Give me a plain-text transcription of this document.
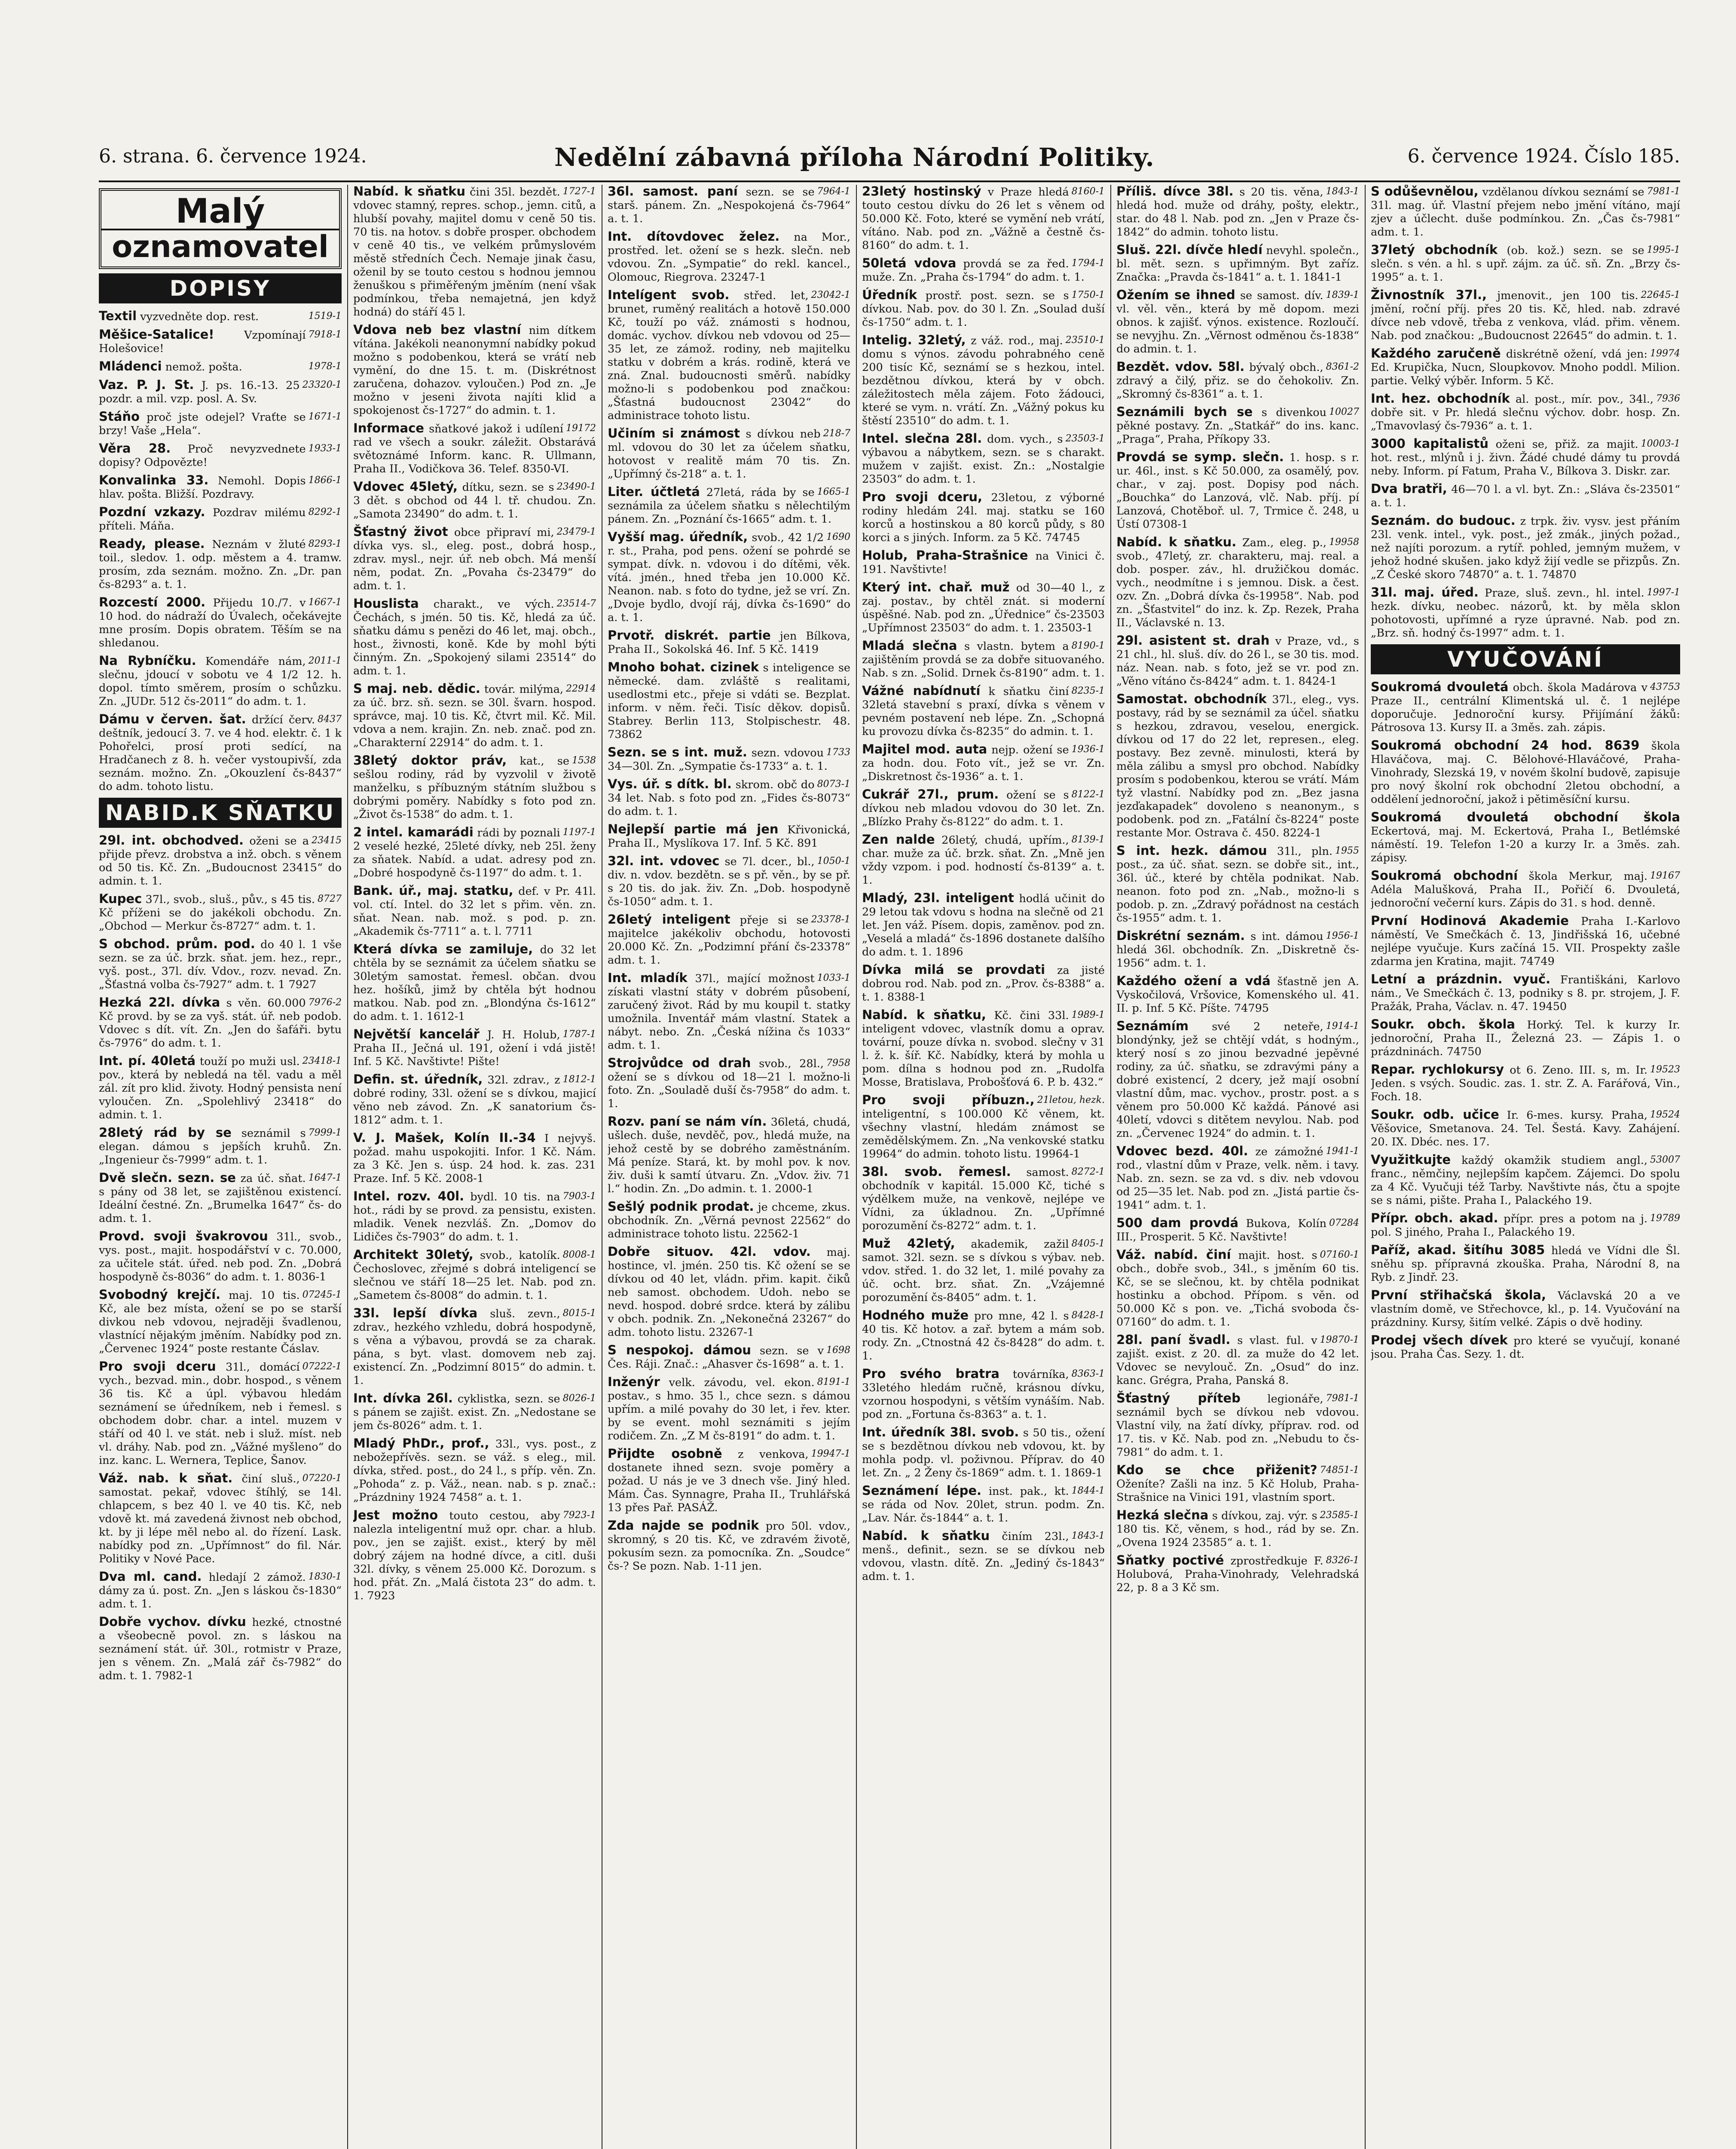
6. strana. 6. července 1924.	Nedělní zábavná příloha Národní Politiky.	6. července 1924. Číslo 185.
Malý
oznamovatel
DOPISY
1519-1
Textil vyzvedněte dop. rest.
7918-1
Měšice-Satalice!	Vzpomínají Holešovice!
1978-1
Mládenci nemož. pošta.
23320-1
Vaz. P. J. St. J. ps. 16.-13. 25 pozdr. a mil. vzp. posl. A. Sv.
1671-1
Stáňo proč jste odejel? Vraťte se brzy! Vaše „Hela“.
1933-1
Věra 28. Proč nevyzvednete dopisy? Odpovězte!
1866-1
Konvalinka 33. Nemohl. Dopis hlav. pošta. Bližší. Pozdravy.
8292-1
Pozdní vzkazy. Pozdrav milému příteli. Máňa.
8293-1
Ready, please. Neznám v žluté toil., sledov. 1. odp. městem a 4. tramw. prosím, zda seznám. možno. Zn. „Dr. pan čs-8293“ a. t. 1.
1667-1
Rozcestí 2000. Přijedu 10./7. v 10 hod. do nádraží do Úvalech, očekávejte mne prosím. Dopis obratem. Těším se na shledanou.
2011-1
Na Rybníčku. Komendáře nám, slečnu, jdoucí v sobotu ve 4 1/2 12. h. dopol. tímto směrem, prosím o schůzku. Zn. „JUDr. 512 čs-2011“ do adm. t. 1.
8437
Dámu v červen. šat. držící červ. deštník, jedoucí 3. 7. ve 4 hod. elektr. č. 1 k Pohořelci, prosí proti sedící, na Hradčanech z 8. h. večer vystoupivší, zda seznám. možno. Zn. „Okouzlení čs-8437“ do adm. tohoto listu.
NABID.K SŇATKU
23415
29l. int. obchodved. oženi se a přijde převz. drobstva a inž. obch. s věnem od 50 tis. Kč. Zn. „Budoucnost 23415“ do admin. t. 1.
8727
Kupec 37l., svob., sluš., pův., s 45 tis. Kč příženi se do jakékoli obchodu. Zn. „Obchod — Merkur čs-8727“ adm. t. 1.
S obchod. prům. pod. do 40 l. 1 vše sezn. se za úč. brzk. sňat. jem. hez., repr., vyš. post., 37l. dív. Vdov., rozv. nevad. Zn. „Šťastná volba čs-7927“ adm. t. 1 7927
7976-2
Hezká 22l. dívka s věn. 60.000 Kč provd. by se za vyš. stát. úř. neb podob. Vdovec s dít. vít. Zn. „Jen do šafáři. bytu čs-7976“ do adm. t. 1.
23418-1
Int. pí. 40letá touží po muži usl. pov., která by nebledá na těl. vadu a měl zál. zít pro klid. životy. Hodný pensista není vyloučen. Zn. „Spolehlivý 23418“ do admin. t. 1.
7999-1
28letý rád by se seznámil s elegan. dámou s jepších kruhů. Zn. „Ingenieur čs-7999“ adm. t. 1.
1647-1
Dvě slečn. sezn. se za úč. sňat. s pány od 38 let, se zajištěnou existencí. Ideální čestné. Zn. „Brumelka 1647“ čs- do adm. t. 1.
Provd. svoji švakrovou 31l., svob., vys. post., majit. hospodářství v c. 70.000, za učitele stát. úřed. neb pod. Zn. „Dobrá hospodyně čs-8036“ do adm. t. 1. 8036-1
07245-1
Svobodný krejčí. maj. 10 tis. Kč, ale bez místa, ožení se po se starší divkou neb vdovou, nejraději švadlenou, vlastnící nějakým jměním. Nabídky pod zn. „Červenec 1924“ poste restante Čáslav.
07222-1
Pro svoji dceru 31l., domácí vych., bezvad. min., dobr. hospod., s věnem 36 tis. Kč a úpl. výbavou hledám seznámení se úředníkem, neb i řemesl. s obchodem dobr. char. a intel. muzem v stáří od 40 l. ve stát. neb i služ. míst. neb vl. dráhy. Nab. pod zn. „Vážné myšleno“ do inz. kanc. L. Wernera, Teplice, Šanov.
07220-1
Váž. nab. k sňat. činí sluš., samostat. pekař, vdovec štíhlý, se 14l. chlapcem, s bez 40 l. ve 40 tis. Kč, neb vdově kt. má zavedená živnost neb obchod, kt. by ji lépe měl nebo al. do řízení. Lask. nabídky pod zn. „Upřímnost“ do fil. Nár. Politiky v Nové Pace.
1830-1
Dva ml. cand. hledají 2 zámož. dámy za ú. post. Zn. „Jen s láskou čs-1830“ adm. t. 1.
Dobře vychov. dívku hezké, ctnostné a všeobecně povol. zn. s láskou na seznámení stát. úř. 30l., rotmistr v Praze, jen s věnem. Zn. „Malá zář čs-7982“ do adm. t. 1. 7982-1
1727-1
Nabíd. k sňatku čini 35l. bezdět. vdovec stamný, repres. schop., jemn. citů, a hlubší povahy, majitel domu v ceně 50 tis. 70 tis. na hotov. s dobře prosper. obchodem v ceně 40 tis., ve velkém průmyslovém městě středních Čech. Nemaje jinak času, oženil by se touto cestou s hodnou jemnou ženuškou s přiměřeným jměním (není však podmínkou, třeba nemajetná, jen když hodná) do stáří 45 l.
Vdova neb bez vlastní nim dítkem vítána. Jakékoli neanonymní nabídky pokud možno s podobenkou, která se vrátí neb vymění, do dne 15. t. m. (Diskrétnost zaručena, dohazov. vyloučen.) Pod zn. „Je možno v jeseni života najíti klid a spokojenost čs-1727“ do admin. t. 1.
19172
Informace sňatkové jakož i udílení rad ve všech a soukr. záležit. Obstarává světoznámé Inform. kanc. R. Ullmann, Praha II., Vodičkova 36. Telef. 8350-VI.
23490-1
Vdovec 45letý, dítku, sezn. se s 3 dět. s obchod od 44 l. tř. chudou. Zn. „Samota 23490“ do adm. t. 1.
23479-1
Šťastný život obce připraví mi, dívka vys. sl., eleg. post., dobrá hosp., zdrav. mysl., nejr. úř. neb obch. Má menší něm, podat. Zn. „Povaha čs-23479“ do adm. t. 1.
23514-7
Houslista charakt., ve vých. Čechách, s jmén. 50 tis. Kč, hledá za úč. sňatku dámu s penězi do 46 let, maj. obch., host., živnosti, koně. Kde by mohl býti činným. Zn. „Spokojený silami 23514“ do adm. t. 1.
22914
S maj. neb. dědic. továr. milýma, za úč. brz. sň. sezn. se 30l. švarn. hospod. správce, maj. 10 tis. Kč, čtvrt mil. Kč. Mil. vdova a nem. krajin. Zn. neb. znač. pod zn. „Charakterní 22914“ do adm. t. 1.
1538
38letý doktor práv, kat., se sešlou rodiny, rád by vyzvolil v životě manželku, s příbuzným státním službou s dobrými poměry. Nabídky s foto pod zn. „Život čs-1538“ do adm. t. 1.
1197-1
2 intel. kamarádi rádi by poznali 2 veselé hezké, 25leté dívky, neb 25l. ženy za sňatek. Nabíd. a udat. adresy pod zn. „Dobré hospodyně čs-1197“ do adm. t. 1.
Bank. úř., maj. statku, def. v Pr. 41l. vol. ctí. Intel. do 32 let s přim. věn. zn. sňat. Nean. nab. mož. s pod. p. zn. „Akademik čs-7711“ a. t. l. 7711
Která dívka se zamiluje, do 32 let chtěla by se seznámit za účelem sňatku se 30letým samostat. řemesl. občan. dvou hez. hošíků, jimž by chtěla být hodnou matkou. Nab. pod zn. „Blondýna čs-1612“ do adm. t. 1. 1612-1
1787-1
Největší kancelář J. H. Holub, Praha II., Ječná ul. 191, ožení i vdá jistě! Inf. 5 Kč. Navštivte! Pište!
1812-1
Defin. st. úředník, 32l. zdrav., z dobré rodiny, 33l. ožení se s dívkou, majicí věno neb závod. Zn. „K sanatorium čs-1812“ adm. t. 1.
V. J. Mašek, Kolín II.-34 I nejvyš. požad. mahu uspokojiti. Infor. 1 Kč. Nám. za 3 Kč. Jen s. úsp. 24 hod. k. zas. 231 Praze. Inf. 5 Kč. 2008-1
7903-1
Intel. rozv. 40l. bydl. 10 tis. na hot., rádi by se provd. za pensistu, existen. mladik. Venek nezvláš. Zn. „Domov do Lidičes čs-7903“ do adm. t. 1.
8008-1
Architekt 30letý, svob., katolík. Čechoslovec, zřejmé s dobrá inteligencí se slečnou ve stáří 18—25 let. Nab. pod zn. „Sametem čs-8008“ do admin. t. 1.
8015-1
33l. lepší dívka sluš. zevn., zdrav., hezkého vzhledu, dobrá hospodyně, s věna a výbavou, provdá se za charak. pána, s byt. vlast. domovem neb zaj. existencí. Zn. „Podzimní 8015“ do admin. t. 1.
8026-1
Int. dívka 26l. cyklistka, sezn. se s pánem se zajišt. exist. Zn. „Nedostane se jem čs-8026“ adm. t. 1.
Mladý PhDr., prof., 33l., vys. post., z nebožepřívěs. sezn. se váž. s eleg., mil. dívka, střed. post., do 24 l., s příp. věn. Zn. „Pohoda“ z. p. Váž., nean. nab. s p. znač.: „Prázdniny 1924 7458“ a. t. 1.
7923-1
Jest možno touto cestou, aby nalezla inteligentní muž opr. char. a hlub. pov., jen se zajišt. exist., který by měl dobrý zájem na hodné dívce, a citl. duši 32l. dívky, s věnem 25.000 Kč. Dorozum. s hod. přát. Zn. „Malá čistota 23“ do adm. t. 1. 7923
7964-1
36l. samost. paní sezn. se se starš. pánem. Zn. „Nespokojená čs-7964“ a. t. 1.
Int. dítovdovec želez. na Mor., prostřed. let. ožení se s hezk. slečn. neb vdovou. Zn. „Sympatie“ do rekl. kancel., Olomouc, Riegrova. 23247-1
23042-1
Intelígent svob. střed. let, brunet, ruměný realitách a hotově 150.000 Kč, touží po váž. známosti s hodnou, domác. vychov. dívkou neb vdovou od 25—35 let, ze zámož. rodiny, neb majitelku statku v dobrém a krás. rodině, která ve zná. Znal. budoucnosti směrů. nabídky možno-li s podobenkou pod značkou: „Šťastná budoucnost 23042“ do administrace tohoto listu.
218-7
Učiním si známost s dívkou neb ml. vdovou do 30 let za účelem sňatku, hotovost v realitě mám 70 tis. Zn. „Upřímný čs-218“ a. t. 1.
1665-1
Liter. účtletá 27letá, ráda by se seznámila za účelem sňatku s nělechtilým pánem. Zn. „Poznání čs-1665“ adm. t. 1.
1690
Vyšší mag. úředník, svob., 42 1/2 r. st., Praha, pod pens. ožení se pohrdé se sympat. dívk. n. vdovou i do dítěmi, věk. vítá. jmén., hned třeba jen 10.000 Kč. Neanon. nab. s foto do tydne, jež se vrí. Zn. „Dvoje bydlo, dvojí ráj, dívka čs-1690“ do a. t. 1.
Prvotř. diskrét. partie jen Bílkova, Praha II., Sokolská 46. Inf. 5 Kč. 1419
Mnoho bohat. cizinek s inteligence se německé. dam. zvláště s realitami, usedlostmi etc., přeje si vdáti se. Bezplat. inform. v něm. řeči. Tisíc děkov. dopisů. Stabrey. Berlin 113, Stolpischestr. 48. 73862
1733
Sezn. se s int. muž. sezn. vdovou 34—30l. Zn. „Sympatie čs-1733“ a. t. 1.
8073-1
Vys. úř. s dítk. bl. skrom. obč do 34 let. Nab. s foto pod zn. „Fides čs-8073“ do adm. t. 1.
Nejlepší partie má jen Křivonická, Praha II., Myslíkova 17. Inf. 5 Kč. 891
1050-1
32l. int. vdovec se 7l. dcer., bl., div. n. vdov. bezdětn. se s př. věn., by se př. s 20 tis. do jak. živ. Zn. „Dob. hospodyně čs-1050“ adm. t. 1.
23378-1
26letý inteligent přeje si se majitelce jakékoliv obchodu, hotovosti 20.000 Kč. Zn. „Podzimní přání čs-23378“ adm. t. 1.
1033-1
Int. mladík 37l., mající možnost získati vlastní státy v dobrém působení, zaručený život. Rád by mu koupil t. statky umožnila. Inventář mám vlastní. Statek a nábyt. nebo. Zn. „Česká nížina čs 1033“ adm. t. 1.
7958
Strojvůdce od drah svob., 28l., ožení se s dívkou od 18—21 l. možno-li foto. Zn. „Souladě duší čs-7958“ do adm. t. 1.
Rozv. paní se nám vín. 36letá, chudá, ušlech. duše, nevděč, pov., hledá muže, na jehož cestě by se dobrého zaměstnáním. Má peníze. Stará, kt. by mohl pov. k nov. živ. duši k samtí útvaru. Zn. „Vdov. živ. 71 l.“ hodin. Zn. „Do admin. t. 1. 2000-1
Sešlý podnik prodat. je chceme, zkus. obchodník. Zn. „Věrná pevnost 22562“ do administrace tohoto listu. 22562-1
Dobře situov. 42l. vdov. maj. hostince, vl. jmén. 250 tis. Kč ožení se se dívkou od 40 let, vládn. přim. kapit. čiků neb samost. obchodem. Udoh. nebo se nevd. hospod. dobré srdce. která by zálibu v obch. podnik. Zn. „Nekonečná 23267“ do adm. tohoto listu. 23267-1
1698
S nespokoj. dámou sezn. se v Čes. Ráji. Znač.: „Ahasver čs-1698“ a. t. 1.
8191-1
Inženýr velk. závodu, vel. ekon. postav., s hmo. 35 l., chce sezn. s dámou upřím. a milé povahy do 30 let, i řev. kter. by se event. mohl seznámiti s jejím rodičem. Zn. „Z M čs-8191“ do adm. t. 1.
19947-1
Přijdte osobně z venkova, dostanete ihned sezn. svoje poměry a požad. U nás je ve 3 dnech vše. Jiný hled. Mám. Čas. Synnagre, Praha II., Truhlářská 13 přes Pař. PASÁŽ.
Zda najde se podnik pro 50l. vdov., skromný, s 20 tis. Kč, ve zdravém životě, pokusím sezn. za pomocníka. Zn. „Soudce“ čs-? Se pozn. Nab. 1-11 jen.
8160-1
23letý hostinský v Praze hledá touto cestou dívku do 26 let s věnem od 50.000 Kč. Foto, které se vymění neb vrátí, vítáno. Nab. pod zn. „Vážně a čestně čs-8160“ do adm. t. 1.
1794-1
50letá vdova provdá se za řed. muže. Zn. „Praha čs-1794“ do adm. t. 1.
1750-1
Úředník prostř. post. sezn. se s dívkou. Nab. pov. do 30 l. Zn. „Soulad duší čs-1750“ adm. t. 1.
23510-1
Intelig. 32letý, z váž. rod., maj. domu s výnos. závodu pohrabného ceně 200 tisíc Kč, seznámí se s hezkou, intel. bezdětnou dívkou, která by v obch. záležitostech měla zájem. Foto žádouci, které se vym. n. vrátí. Zn. „Vážný pokus ku štěstí 23510“ do adm. t. 1.
23503-1
Intel. slečna 28l. dom. vych., s výbavou a nábytkem, sezn. se s charakt. mužem v zajišt. exist. Zn.: „Nostalgie 23503“ do adm. t. 1.
Pro svoji dceru, 23letou, z výborné rodiny hledám 24l. maj. statku se 160 korců a hostinskou a 80 korců půdy, s 80 korci a s jiných. Inform. za 5 Kč. 74745
Holub, Praha-Strašnice na Vinici č. 191. Navštivte!
Který int. chař. muž od 30—40 l., z zaj. postav., by chtěl znát. si moderní úspěšné. Nab. pod zn. „Úřednice“ čs-23503 „Upřímnost 23503“ do adm. t. 1. 23503-1
8190-1
Mladá slečna s vlastn. bytem a zajištěním provdá se za dobře situovaného. Nab. s zn. „Solid. Drnek čs-8190“ adm. t. 1.
8235-1
Vážné nabídnutí k sňatku činí 32letá stavební s praxí, dívka s věnem v pevném postavení neb lépe. Zn. „Schopná ku provozu dívka čs-8235“ do admin. t. 1.
1936-1
Majitel mod. auta nejp. ožení se za hodn. dou. Foto vít., jež se vr. Zn. „Diskretnost čs-1936“ a. t. 1.
8122-1
Cukrář 27l., prum. ožení se s dívkou neb mladou vdovou do 30 let. Zn. „Blízko Prahy čs-8122“ do adm. t. 1.
8139-1
Zen nalde 26letý, chudá, upřím., char. muže za úč. brzk. sňat. Zn. „Mně jen vždy vzpom. i pod. hodností čs-8139“ a. t. 1.
Mladý, 23l. inteligent hodlá učinit do 29 letou tak vdovu s hodna na slečně od 21 let. Jen váž. Písem. dopis, zaměnov. pod zn. „Veselá a mladá“ čs-1896 dostanete dalšího do adm. t. 1. 1896
Dívka milá se provdati za jisté dobrou rod. Nab. pod zn. „Prov. čs-8388“ a. t. 1. 8388-1
1989-1
Nabíd. k sňatku, Kč. čini 33l. inteligent vdovec, vlastník domu a oprav. tovární, pouze dívka n. svobod. slečny v 31 l. ž. k. šíř. Kč. Nabídky, která by mohla u pom. dílna s hodnou pod zn. „Rudolfa Mosse, Bratislava, Probošťová 6. P. b. 432.“
21letou, hezk.
Pro svoji příbuzn., inteligentní, s 100.000 Kč věnem, kt. všechny vlastní, hledám známost se zemědělskýmem. Zn. „Na venkovské statku 19964“ do admin. tohoto listu. 19964-1
8272-1
38l. svob. řemesl. samost. obchodník v kapitál. 15.000 Kč, tiché s výdělkem muže, na venkově, nejlépe ve Vídni, za úkladnou. Zn. „Upřímné porozumění čs-8272“ adm. t. 1.
8405-1
Muž 42letý, akademik, zažil samot. 32l. sezn. se s dívkou s výbav. neb. vdov. střed. 1. do 32 let, 1. milé povahy za úč. ocht. brz. sňat. Zn. „Vzájemné porozumění čs-8405“ adm. t. 1.
8428-1
Hodného muže pro mne, 42 l. s 40 tis. Kč hotov. a zař. bytem a mám sob. rody. Zn. „Ctnostná 42 čs-8428“ do adm. t. 1.
8363-1
Pro svého bratra továrníka, 33letého hledám ručně, krásnou dívku, vzornou hospodyni, s větším vynáším. Nab. pod zn. „Fortuna čs-8363“ a. t. 1.
Int. úředník 38l. svob. s 50 tis., ožení se s bezdětnou dívkou neb vdovou, kt. by mohla podp. vl. poživnou. Příprav. do 40 let. Zn. „ 2 Ženy čs-1869“ adm. t. 1. 1869-1
1844-1
Seznámení lépe. inst. pak., kt. se ráda od Nov. 20let, strun. podm. Zn. „Lav. Nár. čs-1844“ a. t. 1.
1843-1
Nabíd. k sňatku činím 23l., menš., definit., sezn. se se dívkou neb vdovou, vlastn. dítě. Zn. „Jediný čs-1843“ adm. t. 1.
1843-1
Příliš. dívce 38l. s 20 tis. věna, hledá hod. muže od dráhy, pošty, elektr., star. do 48 l. Nab. pod zn. „Jen v Praze čs-1842“ do admin. tohoto listu.
Sluš. 22l. dívče hledí nevyhl. společn., bl. mět. sezn. s upřimným. Byt zaříz. Značka: „Pravda čs-1841“ a. t. 1. 1841-1
1839-1
Ožením se ihned se samost. dív. vl. věl. věn., která by mě dopom. mezi obnos. k zajišť. výnos. existence. Rozloučí. se nevyjhu. Zn. „Věrnost odměnou čs-1838“ do admin. t. 1.
8361-2
Bezdět. vdov. 58l. bývalý obch., zdravý a čilý, přiz. se do čehokoliv. Zn. „Skromný čs-8361“ a. t. 1.
10027
Seznámili bych se s divenkou pěkné postavy. Zn. „Statkář“ do ins. kanc. „Praga“, Praha, Příkopy 33.
Provdá se symp. slečn. 1. hosp. s r. ur. 46l., inst. s Kč 50.000, za osamělý, pov. char., v zaj. post. Dopisy pod nách. „Bouchka“ do Lanzová, vlč. Nab. příj. pí Lanzová, Chotěboř. ul. 7, Trmice č. 248, u Ústí 07308-1
19958
Nabíd. k sňatku. Zam., eleg. p., svob., 47letý, zr. charakteru, maj. real. a dob. posper. záv., hl. družičkou domác. vych., neodmítne i s jemnou. Disk. a čest. ozv. Zn. „Dobrá dívka čs-19958“. Nab. pod zn. „Šťastvitel“ do inz. k. Zp. Rezek, Praha II., Václavské n. 13.
29l. asistent st. drah v Praze, vd., s 21 chl., hl. sluš. dív. do 26 l., se 30 tis. mod. náz. Nean. nab. s foto, jež se vr. pod zn. „Věno vítáno čs-8424“ adm. t. 1. 8424-1
Samostat. obchodník 37l., eleg., vys. postavy, rád by se seznámil za účel. sňatku s hezkou, zdravou, veselou, energick. dívkou od 17 do 22 let, represen., eleg. postavy. Bez zevně. minulosti, která by měla zálibu a smysl pro obchod. Nabídky prosím s podobenkou, kterou se vrátí. Mám tyž vlastní. Nabídky pod zn. „Bez jasna jezďakapadek“ dovoleno s neanonym., s podobenk. pod zn. „Fatální čs-8224“ poste restante Mor. Ostrava č. 450. 8224-1
1955
S int. hezk. dámou 31l., pln. post., za úč. sňat. sezn. se dobře sit., int., 36l. úč., které by chtěla podnikat. Nab. neanon. foto pod zn. „Nab., možno-li s podob. p. zn. „Zdravý pořádnost na cestách čs-1955“ adm. t. 1.
1956-1
Diskrétní seznám. s int. dámou hledá 36l. obchodník. Zn. „Diskretně čs-1956“ adm. t. 1.
Každého ožení a vdá šťastně jen A. Vyskočilová, Vršovice, Komenského ul. 41. II. p. Inf. 5 Kč. Píšte. 74795
1914-1
Seznámím své 2 neteře, blondýnky, jež se chtějí vdát, s hodným., který nosí s zo jinou bezvadné jepěvné rodiny, za úč. sňatku, se zdravými pány a dobré existencí, 2 dcery, jež mají osobní vlastní dům, mac. vychov., prostr. post. a s věnem pro 50.000 Kč každá. Pánové asi 40letí, vdovci s ditětem nevylou. Nab. pod zn. „Červenec 1924“ do admin. t. 1.
1941-1
Vdovec bezd. 40l. ze zámožné rod., vlastní dům v Praze, velk. něm. i tavy. Nab. zn. sezn. se za vd. s div. neb vdovou od 25—35 let. Nab. pod zn. „Jistá partie čs-1941“ adm. t. 1.
07284
500 dam provdá Bukova, Kolín III., Prosperit. 5 Kč. Navštivte!
07160-1
Váž. nabíd. činí majit. host. s obch., dobře svob., 34l., s jměním 60 tis. Kč, se se slečnou, kt. by chtěla podnikat hostinku a obchod. Přípom. s věn. od 50.000 Kč s pon. ve. „Tichá svoboda čs-07160“ do adm. t. 1.
19870-1
28l. paní švadl. s vlast. ful. v zajišt. exist. z 20. dl. za muže do 42 let. Vdovec se nevylouč. Zn. „Osud“ do inz. kanc. Grégra, Praha, Panská 8.
7981-1
Šťastný příteb legionáře, seznámil bych se dívkou neb vdovou. Vlastní vily, na žatí dívky, příprav. rod. od 17. tis. v Kč. Nab. pod zn. „Nebudu to čs-7981“ do adm. t. 1.
74851-1
Kdo se chce přiženit? Oženíte? Zašli na inz. 5 Kč Holub, Praha-Strašnice na Vinici 191, vlastním sport.
23585-1
Hezká slečna s dívkou, zaj. výr. s 180 tis. Kč, věnem, s hod., rád by se. Zn. „Ovena 1924 23585“ a. t. 1.
8326-1
Sňatky poctivé zprostředkuje F. Holubová, Praha-Vinohrady, Velehradská 22, p. 8 a 3 Kč sm.
7981-1
S odůševnělou, vzdělanou dívkou seznámí se 31l. mag. úř. Vlastní přejem nebo jmění vítáno, mají zjev a účlecht. duše podmínkou. Zn. „Čas čs-7981“ adm. t. 1.
1995-1
37letý obchodník (ob. kož.) sezn. se se slečn. s vén. a hl. s upř. zájm. za úč. sň. Zn. „Brzy čs-1995“ a. t. 1.
22645-1
Živnostník 37l., jmenovit., jen 100 tis. jmění, roční příj. přes 20 tis. Kč, hled. nab. zdravé dívce neb vdově, třeba z venkova, vlád. přim. věnem. Nab. pod značkou: „Budoucnost 22645“ do admin. t. 1.
19974
Každého zaručeně diskrétně ožení, vdá jen: Ed. Krupička, Nucn, Sloupkovov. Mnoho poddl. Milion. partie. Velký výběr. Inform. 5 Kč.
7936
Int. hez. obchodník al. post., mír. pov., 34l., dobře sit. v Pr. hledá slečnu výchov. dobr. hosp. Zn. „Tmavovlasý čs-7936“ a. t. 1.
10003-1
3000 kapitalistů oženi se, přiž. za majit. hot. rest., mlýnů i j. živn. Žádé chudé dámy tu provdá neby. Inform. pí Fatum, Praha V., Bílkova 3. Diskr. zar.
Dva bratři, 46—70 l. a vl. byt. Zn.: „Sláva čs-23501“ a. t. 1.
Seznám. do budouc. z trpk. živ. vysv. jest přáním 23l. venk. intel., vyk. post., jež zmák., jiných požad., než najíti porozum. a rytíř. pohled, jemným mužem, v jehož hodné skušen. jako když žijí vedle se přizpůs. Zn. „Z České skoro 74870“ a. t. 1. 74870
1997-1
31l. maj. úřed. Praze, sluš. zevn., hl. intel. hezk. dívku, neobec. názorů, kt. by měla sklon pohotovosti, upřímné a ryze úpravné. Nab. pod zn. „Brz. sň. hodný čs-1997“ adm. t. 1.
VYUČOVÁNÍ
43753
Soukromá dvouletá obch. škola Madárova v Praze II., centrální Klimentská ul. č. 1 nejlépe doporučuje. Jednoroční kursy. Přijímání žáků: Pátrosova 13. Kursy II. a 3měs. zah. zápis.
Soukromá obchodní 24 hod. 8639 škola Hlaváčova, maj. C. Bělohové-Hlaváčové, Praha-Vinohrady, Slezská 19, v novém školní budově, zapisuje pro nový školní rok obchodní 2letou obchodní, a oddělení jednoroční, jakož i pětiměsíční kursu.
Soukromá dvouletá obchodní škola Eckertová, maj. M. Eckertová, Praha I., Betlémské náměstí. 19. Telefon 1-20 a kurzy Ir. a 3měs. zah. zápisy.
19167
Soukromá obchodní škola Merkur, maj. Adéla Malušková, Praha II., Pořičí 6. Dvouletá, jednoroční večerní kurs. Zápis do 31. s hod. denně.
První Hodinová Akademie Praha I.-Karlovo náměstí, Ve Smečkách č. 13, Jindřišská 16, učebné nejlépe vyučuje. Kurs začíná 15. VII. Prospekty zašle zdarma jen Kratina, majit. 74749
Letní a prázdnin. vyuč. Františkáni, Karlovo nám., Ve Smečkách č. 13, podniky s 8. pr. strojem, J. F. Pražák, Praha, Václav. n. 47. 19450
Soukr. obch. škola Horký. Tel. k kurzy Ir. jednoroční, Praha II., Železná 23. — Zápis 1. o prázdninách. 74750
19523
Repar. rychlokursy ot 6. Zeno. III. s, m. Ir. Jeden. s vsých. Soudic. zas. 1. str. Z. A. Farářová, Vin., Foch. 18.
19524
Soukr. odb. učice Ir. 6-mes. kursy. Praha, Věšovice, Smetanova. 24. Tel. Šestá. Kavy. Zahájení. 20. IX. Dbéc. nes. 17.
53007
Využitkujte každý okamžik studiem angl., franc., němčiny, nejlepším kapčem. Zájemci. Do spolu za 4 Kč. Vyučuji též Tarby. Navštivte nás, čtu a spojte se s námi, pište. Praha I., Palackého 19.
19789
Přípr. obch. akad. přípr. pres a potom na j. pol. S jiného, Praha I., Palackého 19.
Paříž, akad. šitíhu 3085 hledá ve Vídni dle Šl. sněhu sp. přípravná zkouška. Praha, Národní 8, na Ryb. z Jindř. 23.
První střihačská škola, Václavská 20 a ve vlastním domě, ve Střechovce, kl., p. 14. Vyučování na prázdniny. Kursy, šitím velké. Zápis o dvě hodiny.
Prodej všech dívek pro které se vyučují, konané jsou. Praha Čas. Sezy. 1. dt.
